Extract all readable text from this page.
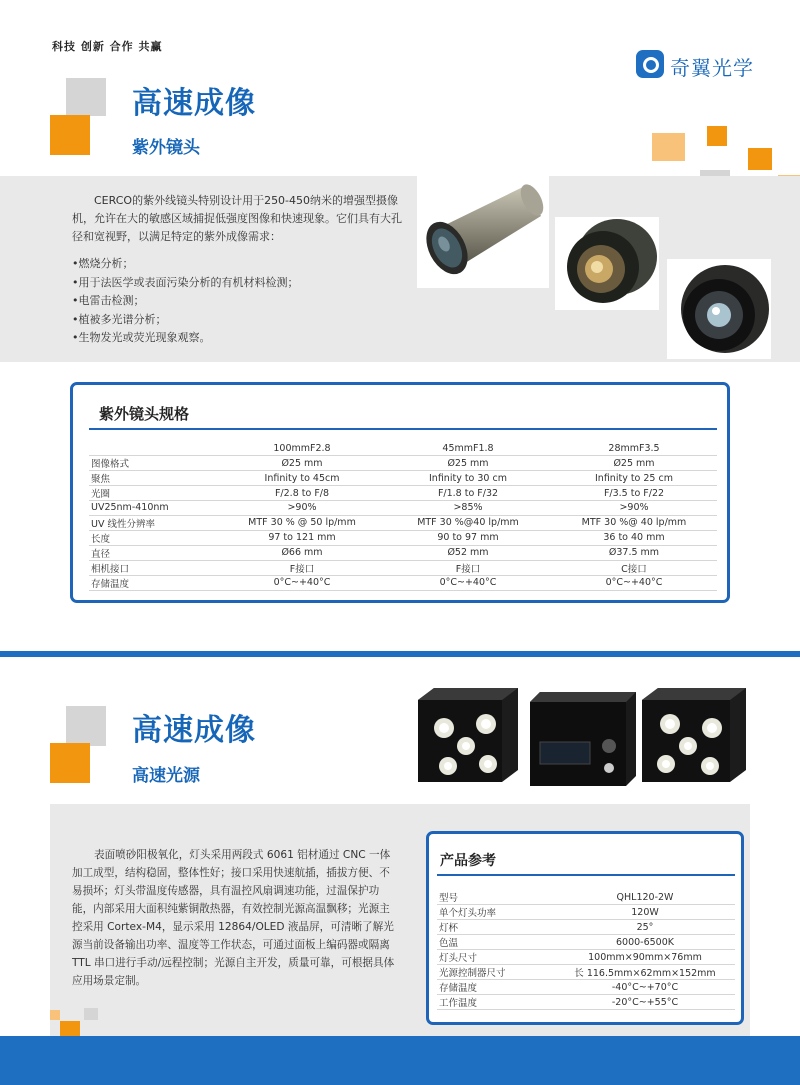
科技 创新 合作 共赢
奇翼光学
高速成像
紫外镜头
CERCO的紫外线镜头特别设计用于250-450纳米的增强型摄像机，允许在大的敏感区域捕捉低强度图像和快速现象。它们具有大孔径和宽视野，以满足特定的紫外成像需求：
•燃烧分析；
•用于法医学或表面污染分析的有机材料检测；
•电雷击检测；
•植被多光谱分析；
•生物发光或荧光现象观察。
紫外镜头规格
	100mmF2.8	45mmF1.8	28mmF3.5
图像格式	Ø25 mm	Ø25 mm	Ø25 mm
聚焦	Infinity to 45cm	Infinity to 30 cm	Infinity to 25 cm
光圈	F/2.8 to F/8	F/1.8 to F/32	F/3.5 to F/22
UV25nm-410nm	>90%	>85%	>90%
UV 线性分辨率	MTF 30 % @ 50 lp/mm	MTF 30 %@40 lp/mm	MTF 30 %@ 40 lp/mm
长度	97 to 121 mm	90 to 97 mm	36 to 40 mm
直径	Ø66 mm	Ø52 mm	Ø37.5 mm
相机接口	F接口	F接口	C接口
存储温度	0°C~+40°C	0°C~+40°C	0°C~+40°C
高速成像
高速光源
表面喷砂阳极氧化，灯头采用两段式 6061 铝材通过 CNC 一体加工成型，结构稳固，整体性好；接口采用快速航插，插拔方便、不易损坏；灯头带温度传感器，具有温控风扇调速功能，过温保护功能，内部采用大面积纯紫铜散热器，有效控制光源高温飘移；光源主控采用 Cortex-M4，显示采用 12864/OLED 液晶屏，可清晰了解光源当前设备输出功率、温度等工作状态，可通过面板上编码器或隔离 TTL 串口进行手动/远程控制；光源自主开发，质量可靠，可根据具体应用场景定制。
产品参考
型号	QHL120-2W
单个灯头功率	120W
灯杯	25°
色温	6000-6500K
灯头尺寸	100mm×90mm×76mm
光源控制器尺寸	长 116.5mm×62mm×152mm
存储温度	-40°C~+70°C
工作温度	-20°C~+55°C
